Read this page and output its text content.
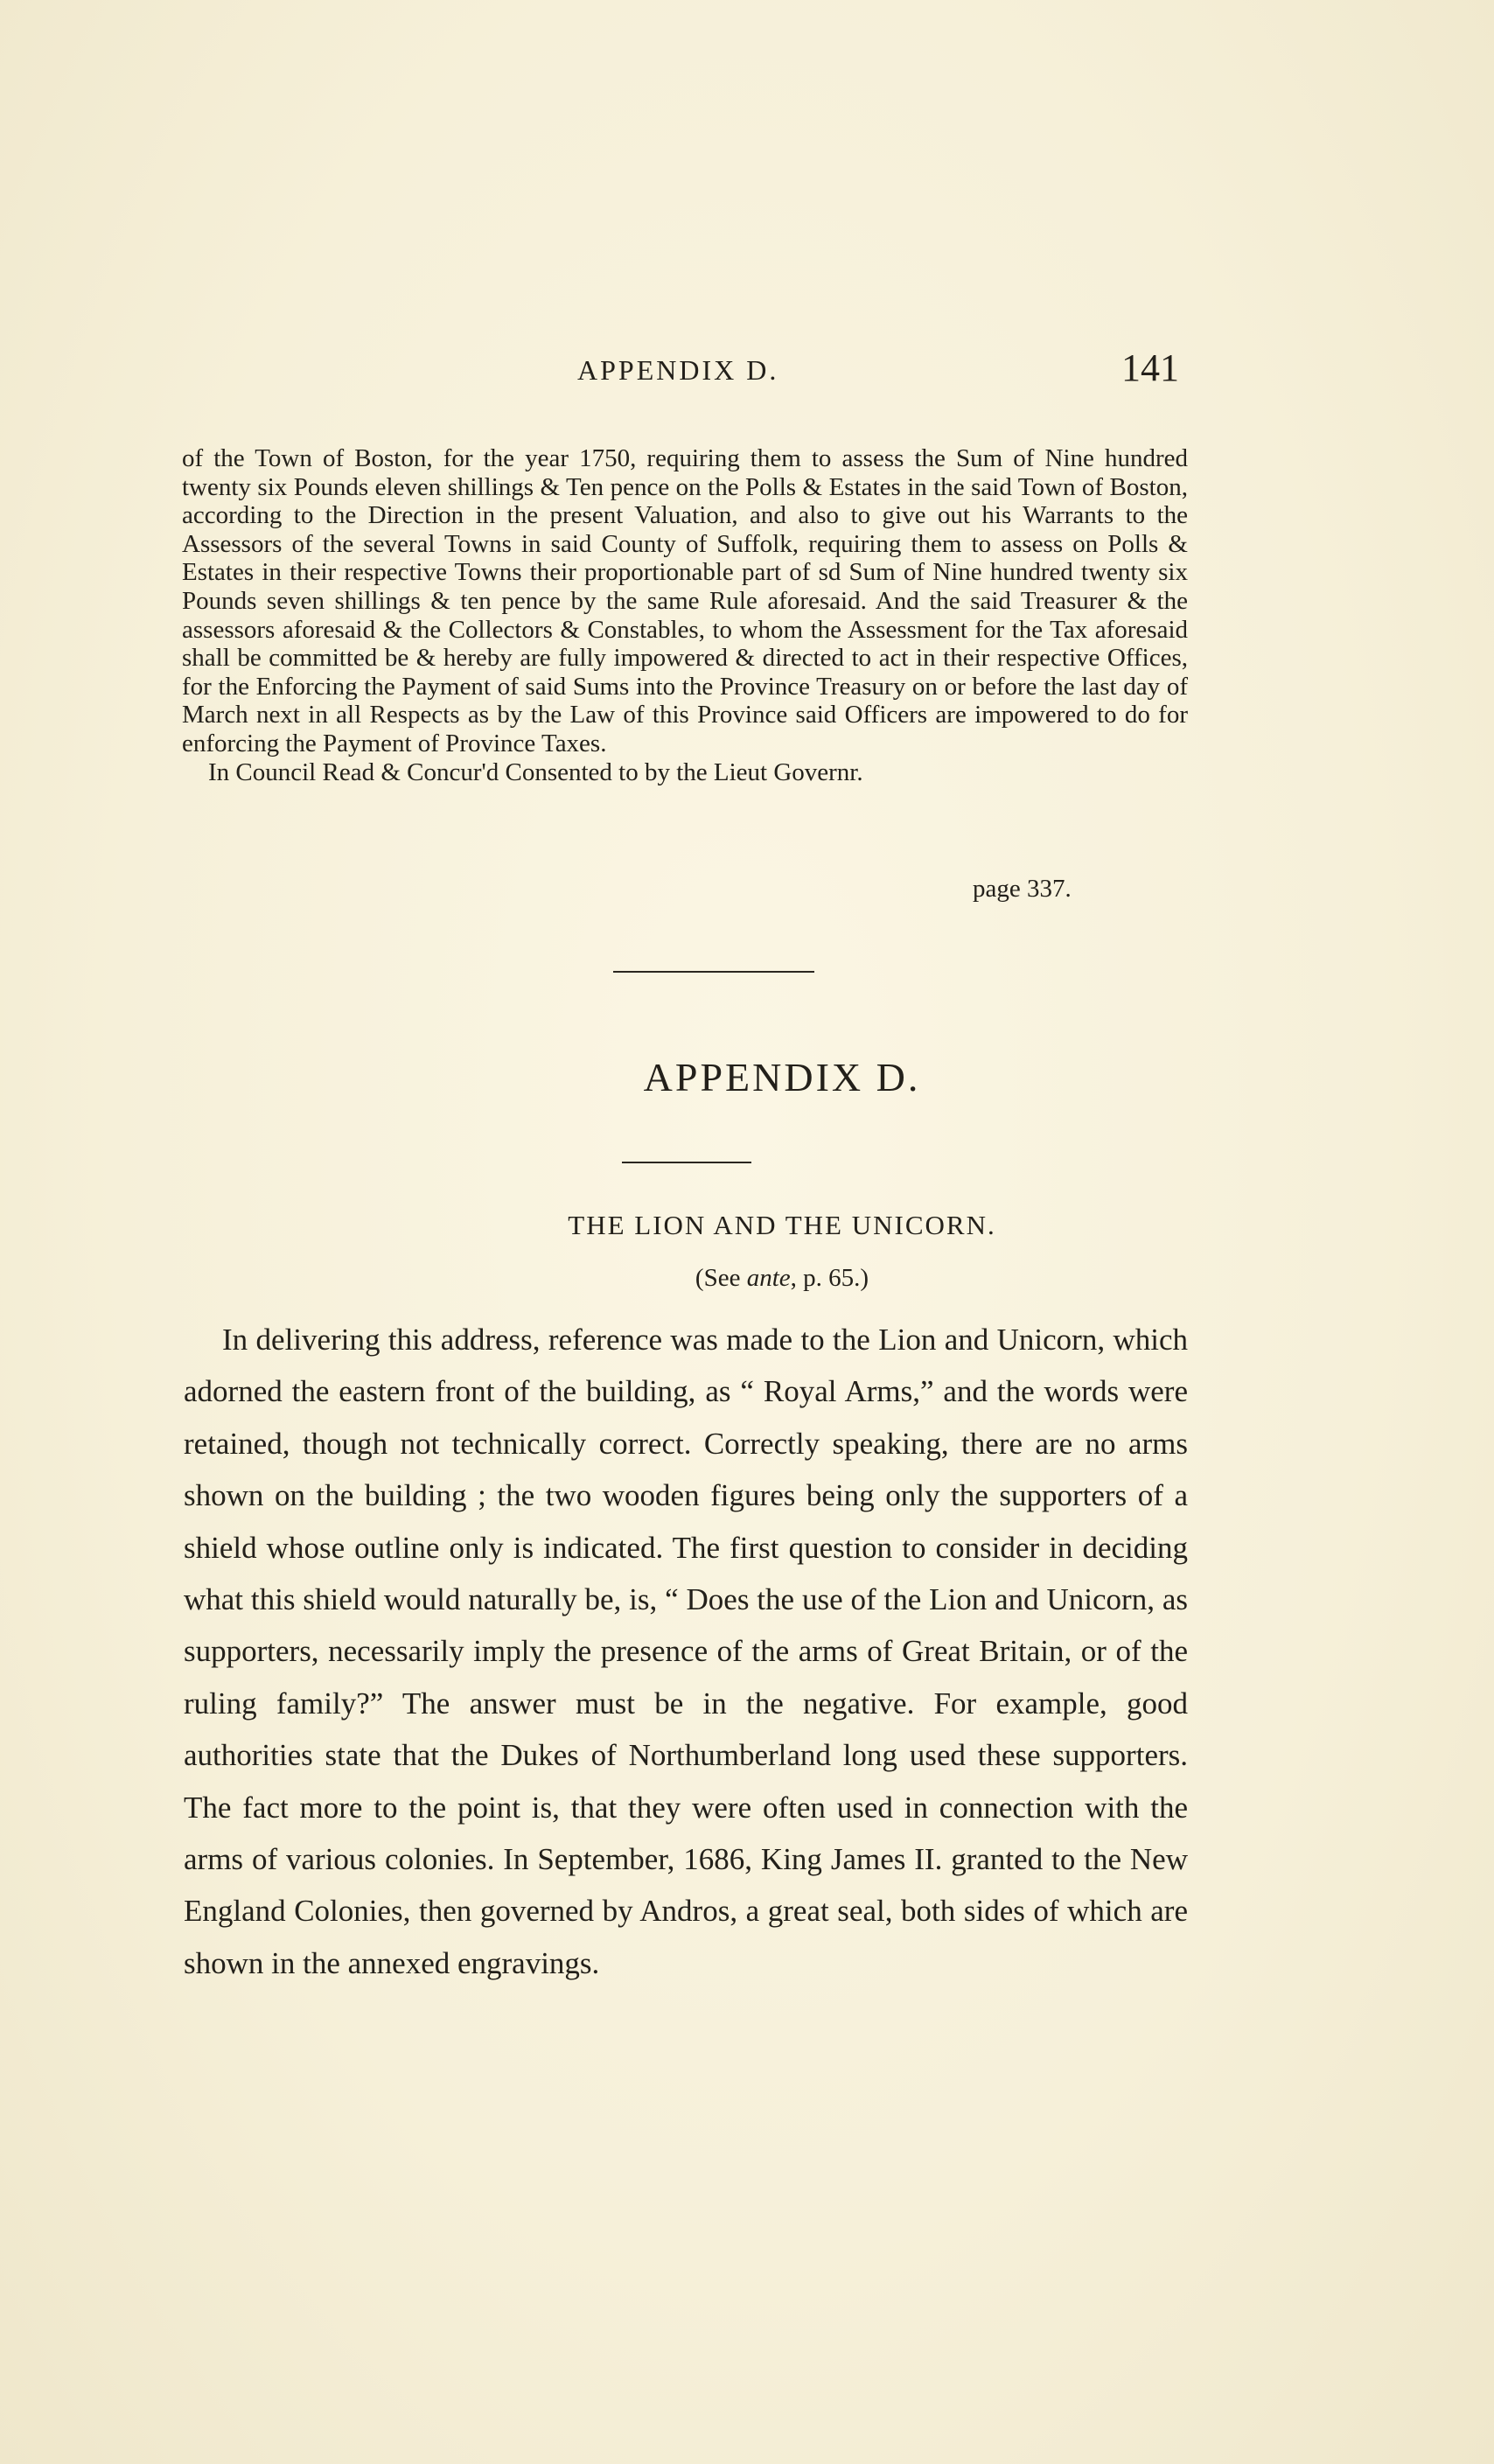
APPENDIX D.	141

of the Town of Boston, for the year 1750, requiring them to assess the Sum of Nine hundred twenty six Pounds eleven shillings & Ten pence on the Polls & Estates in the said Town of Boston, according to the Direction in the present Valuation, and also to give out his Warrants to the Assessors of the several Towns in said County of Suffolk, requiring them to assess on Polls & Estates in their respective Towns their proportionable part of sd Sum of Nine hundred twenty six Pounds seven shillings & ten pence by the same Rule aforesaid. And the said Treasurer & the assessors aforesaid & the Collectors & Constables, to whom the Assessment for the Tax aforesaid shall be committed be & hereby are fully impowered & directed to act in their respective Offices, for the Enforcing the Payment of said Sums into the Province Treasury on or before the last day of March next in all Respects as by the Law of this Province said Officers are impowered to do for enforcing the Payment of Province Taxes.

In Council Read & Concur'd Consented to by the Lieut Governr.

page 337.
APPENDIX D.
THE LION AND THE UNICORN.
(See ante, p. 65.)

In delivering this address, reference was made to the Lion and Unicorn, which adorned the eastern front of the building, as “ Royal Arms,” and the words were retained, though not technically correct. Correctly speaking, there are no arms shown on the building ; the two wooden figures being only the supporters of a shield whose outline only is indicated. The first question to consider in deciding what this shield would naturally be, is, “ Does the use of the Lion and Unicorn, as supporters, necessarily imply the presence of the arms of Great Britain, or of the ruling family?” The answer must be in the negative. For example, good authorities state that the Dukes of Northumberland long used these supporters. The fact more to the point is, that they were often used in connection with the arms of various colonies. In September, 1686, King James II. granted to the New England Colonies, then governed by Andros, a great seal, both sides of which are shown in the annexed engravings.
